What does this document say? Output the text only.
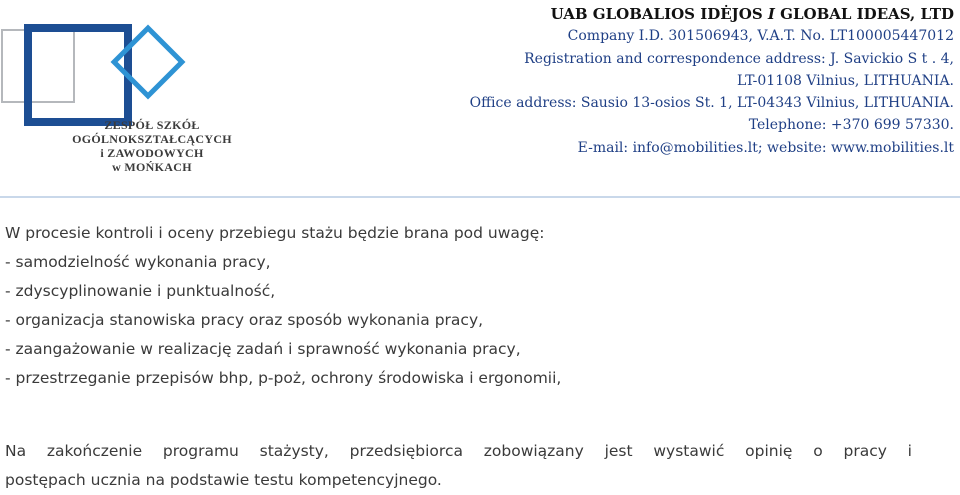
ZESPÓŁ SZKÓŁ
OGÓLNOKSZTAŁCĄCYCH
i ZAWODOWYCH
w MOŃKACH
UAB GLOBALIOS IDĖJOS I GLOBAL IDEAS, LTD
Company I.D. 301506943, V.A.T. No. LT100005447012
Registration and correspondence address: J. Savickio S t . 4,
LT-01108 Vilnius, LITHUANIA.
Office address: Sausio 13-osios St. 1, LT-04343 Vilnius, LITHUANIA.
Telephone: +370 699 57330.
E-mail: info@mobilities.lt; website: www.mobilities.lt
W procesie kontroli i oceny przebiegu stażu będzie brana pod uwagę:
- samodzielność wykonania pracy,
- zdyscyplinowanie i punktualność,
- organizacja stanowiska pracy oraz sposób wykonania pracy,
- zaangażowanie w realizację zadań i sprawność wykonania pracy,
- przestrzeganie przepisów bhp, p-poż, ochrony środowiska i ergonomii,
Na zakończenie programu stażysty, przedsiębiorca zobowiązany jest wystawić opinię o pracy i
postępach ucznia na podstawie testu kompetencyjnego.
